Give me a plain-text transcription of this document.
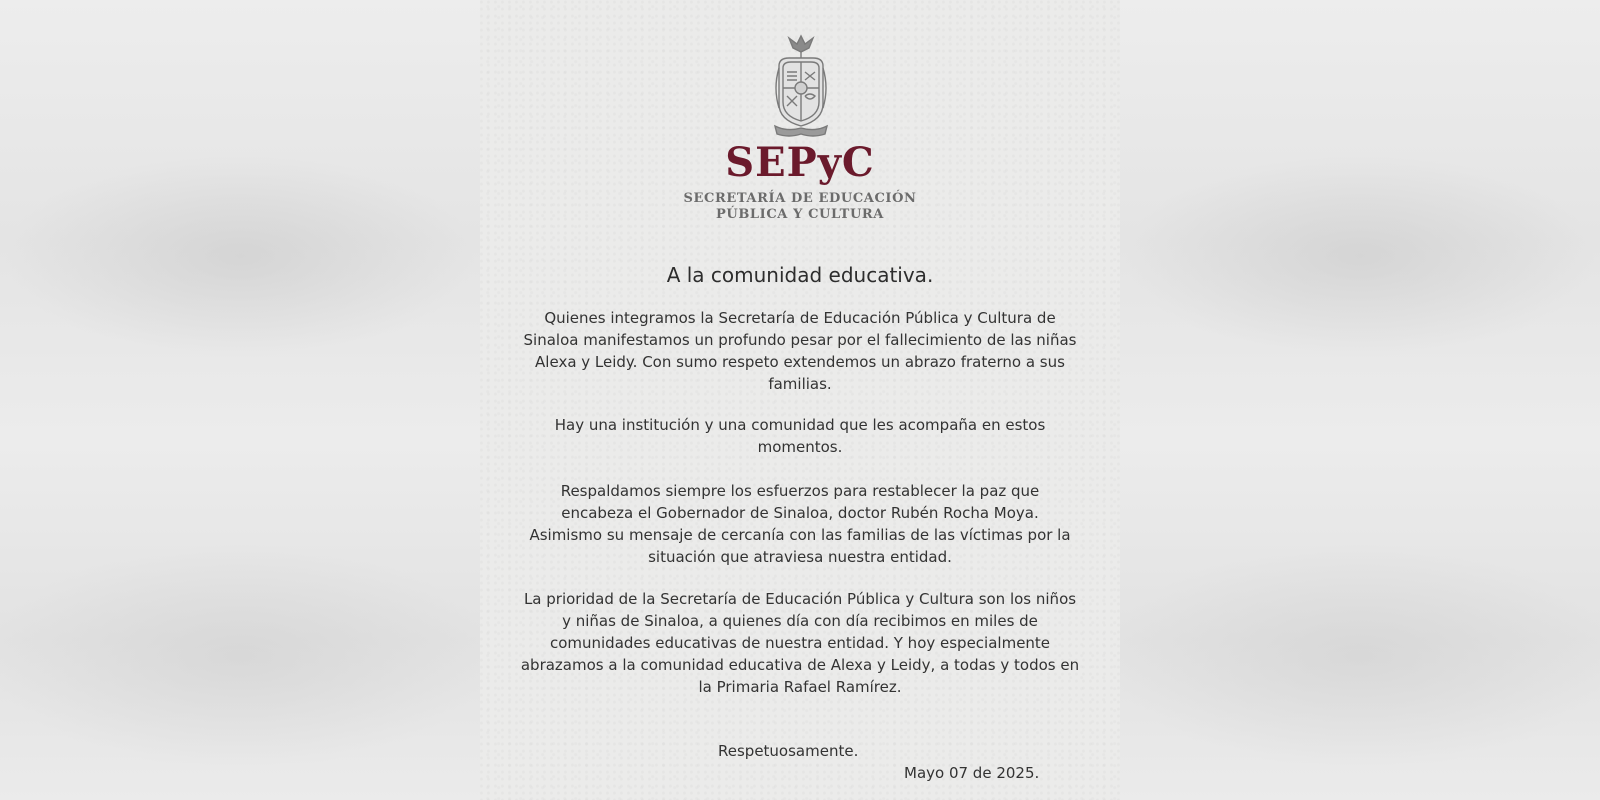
SEPyC
SECRETARÍA DE EDUCACIÓN
PÚBLICA Y CULTURA
A la comunidad educativa.

Quienes integramos la Secretaría de Educación Pública y Cultura de
Sinaloa manifestamos un profundo pesar por el fallecimiento de las niñas
Alexa y Leidy. Con sumo respeto extendemos un abrazo fraterno a sus
familias.

Hay una institución y una comunidad que les acompaña en estos
momentos.

Respaldamos siempre los esfuerzos para restablecer la paz que
encabeza el Gobernador de Sinaloa, doctor Rubén Rocha Moya.
Asimismo su mensaje de cercanía con las familias de las víctimas por la
situación que atraviesa nuestra entidad.

La prioridad de la Secretaría de Educación Pública y Cultura son los niños
y niñas de Sinaloa, a quienes día con día recibimos en miles de
comunidades educativas de nuestra entidad. Y hoy especialmente
abrazamos a la comunidad educativa de Alexa y Leidy, a todas y todos en
la Primaria Rafael Ramírez.

Respetuosamente.
Mayo 07 de 2025.
